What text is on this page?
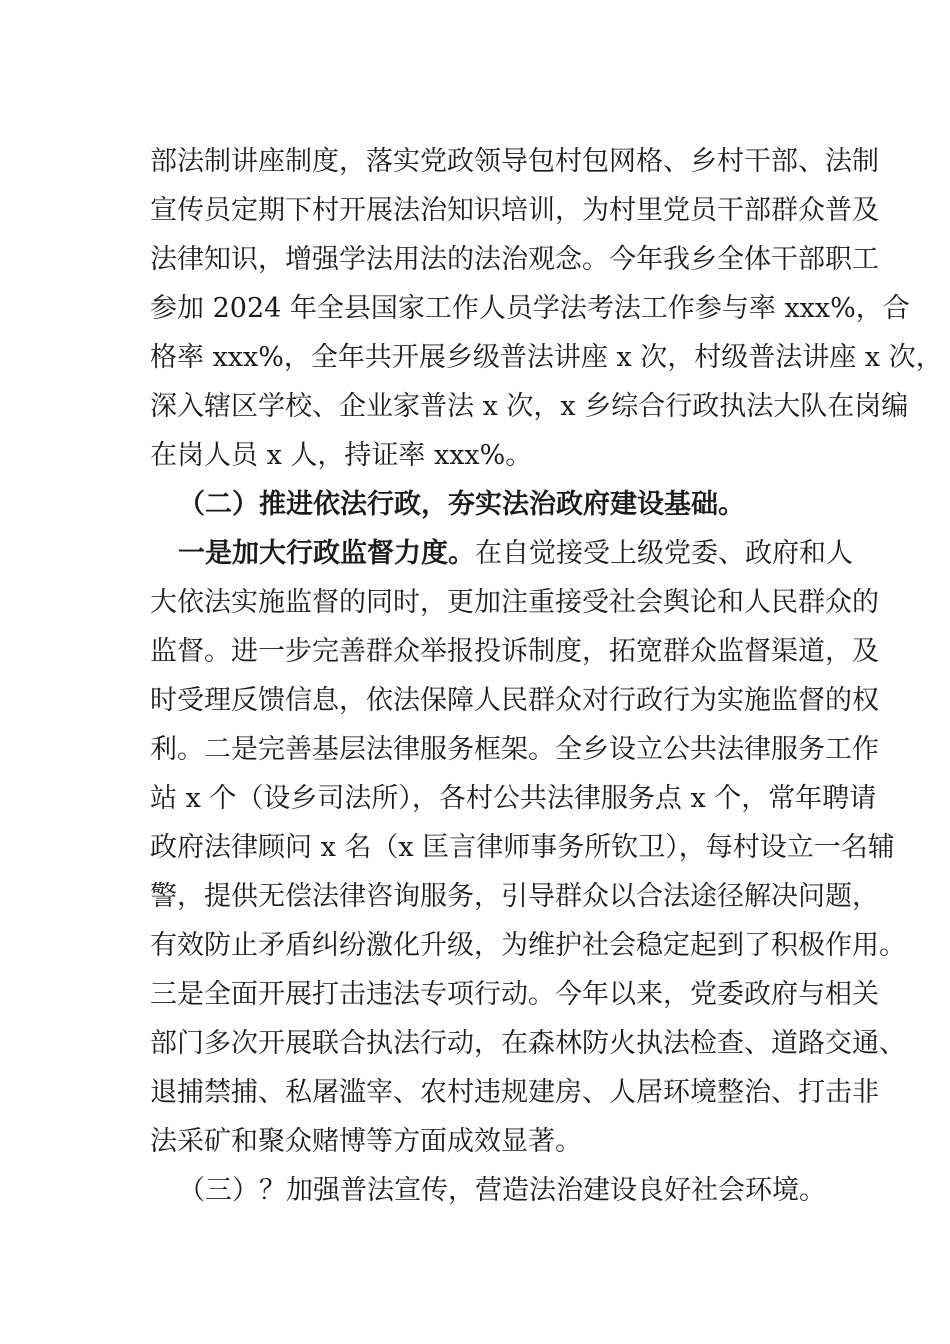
部法制讲座制度，落实党政领导包村包网格、乡村干部、法制
宣传员定期下村开展法治知识培训，为村里党员干部群众普及
法律知识，增强学法用法的法治观念。今年我乡全体干部职工
参加 2024 年全县国家工作人员学法考法工作参与率 xxx%，合
格率 xxx%，全年共开展乡级普法讲座 x 次，村级普法讲座 x 次，
深入辖区学校、企业家普法 x 次，x 乡综合行政执法大队在岗编
在岗人员 x 人，持证率 xxx%。
（二）推进依法行政，夯实法治政府建设基础。
一是加大行政监督力度。在自觉接受上级党委、政府和人
大依法实施监督的同时，更加注重接受社会舆论和人民群众的
监督。进一步完善群众举报投诉制度，拓宽群众监督渠道，及
时受理反馈信息，依法保障人民群众对行政行为实施监督的权
利。二是完善基层法律服务框架。全乡设立公共法律服务工作
站 x 个（设乡司法所），各村公共法律服务点 x 个，常年聘请
政府法律顾问 x 名（x 匡言律师事务所钦卫），每村设立一名辅
警，提供无偿法律咨询服务，引导群众以合法途径解决问题，
有效防止矛盾纠纷激化升级，为维护社会稳定起到了积极作用。
三是全面开展打击违法专项行动。今年以来，党委政府与相关
部门多次开展联合执法行动，在森林防火执法检查、道路交通、
退捕禁捕、私屠滥宰、农村违规建房、人居环境整治、打击非
法采矿和聚众赌博等方面成效显著。
（三）？加强普法宣传，营造法治建设良好社会环境。
